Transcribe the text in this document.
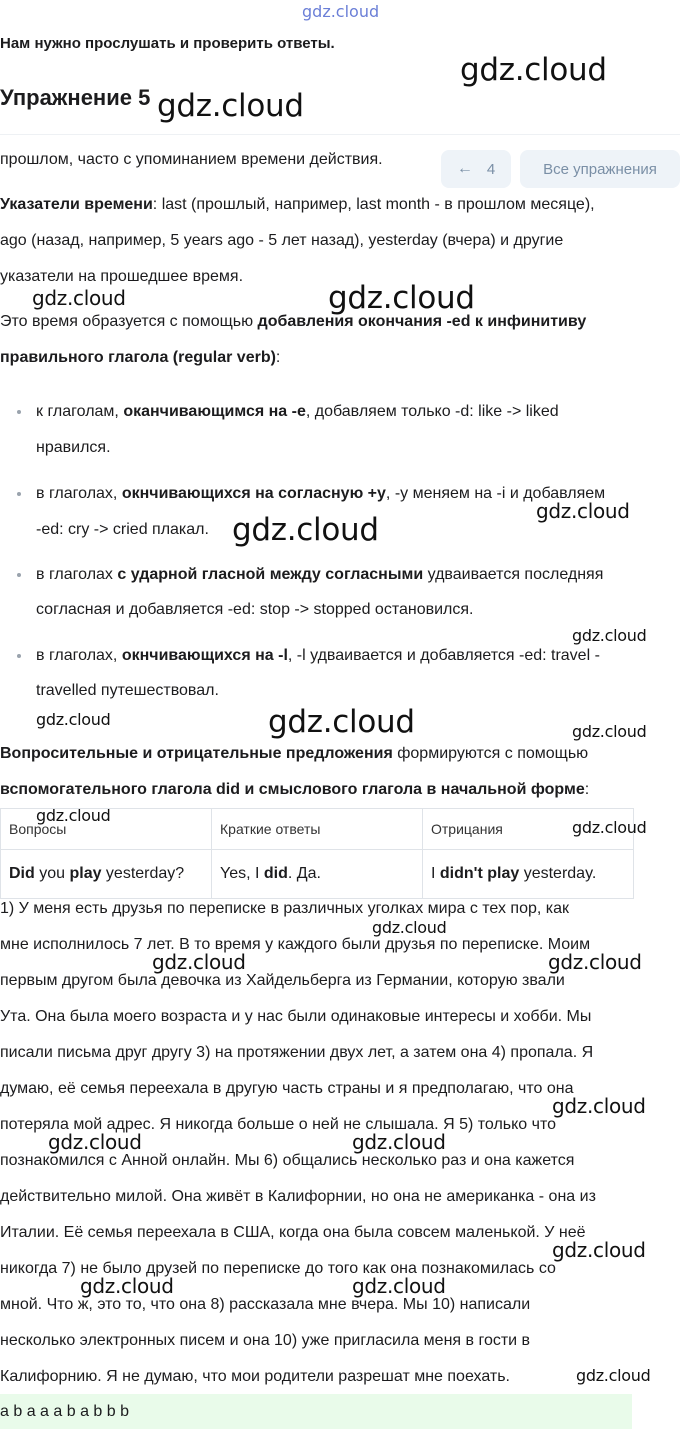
gdz.cloud
Нам нужно прослушать и проверить ответы.
Упражнение 5
← 4	Все упражнения
прошлом, часто с упоминанием времени действия.
Указатели времени: last (прошлый, например, last month - в прошлом месяце),
ago (назад, например, 5 years ago - 5 лет назад), yesterday (вчера) и другие
указатели на прошедшее время.
Это время образуется с помощью добавления окончания -ed к инфинитиву
правильного глагола (regular verb):
к глаголам, оканчивающимся на -e, добавляем только -d: like -> liked
нравился.
в глаголах, окнчивающихся на согласную +y, -y меняем на -i и добавляем
-ed: cry -> cried плакал.
в глаголах с ударной гласной между согласными удваивается последняя
согласная и добавляется -ed: stop -> stopped остановился.
в глаголах, окнчивающихся на -l, -l удваивается и добавляется -ed: travel -
travelled путешествовал.
Вопросительные и отрицательные предложения формируются с помощью
вспомогательного глагола did и смыслового глагола в начальной форме:
Вопросы	Краткие ответы	Отрицания
Did you play yesterday?	Yes, I did. Да.	I didn't play yesterday.
1) У меня есть друзья по переписке в различных уголках мира с тех пор, как
мне исполнилось 7 лет. В то время у каждого были друзья по переписке. Моим
первым другом была девочка из Хайдельберга из Германии, которую звали
Ута. Она была моего возраста и у нас были одинаковые интересы и хобби. Мы
писали письма друг другу 3) на протяжении двух лет, а затем она 4) пропала. Я
думаю, её семья переехала в другую часть страны и я предполагаю, что она
потеряла мой адрес. Я никогда больше о ней не слышала. Я 5) только что
познакомился с Анной онлайн. Мы 6) общались несколько раз и она кажется
действительно милой. Она живёт в Калифорнии, но она не американка - она из
Италии. Её семья переехала в США, когда она была совсем маленькой. У неё
никогда 7) не было друзей по переписке до того как она познакомилась со
мной. Что ж, это то, что она 8) рассказала мне вчера. Мы 10) написали
несколько электронных писем и она 10) уже пригласила меня в гости в
Калифорнию. Я не думаю, что мои родители разрешат мне поехать.
a b a a a b a b b b
gdz.cloud
gdz.cloud
gdz.cloud
gdz.cloud
gdz.cloud
gdz.cloud
gdz.cloud
gdz.cloud	gdz.cloud	gdz.cloud
gdz.cloud
gdz.cloud
gdz.cloud
gdz.cloud	gdz.cloud
gdz.cloud
gdz.cloud	gdz.cloud
gdz.cloud
gdz.cloud	gdz.cloud
gdz.cloud
